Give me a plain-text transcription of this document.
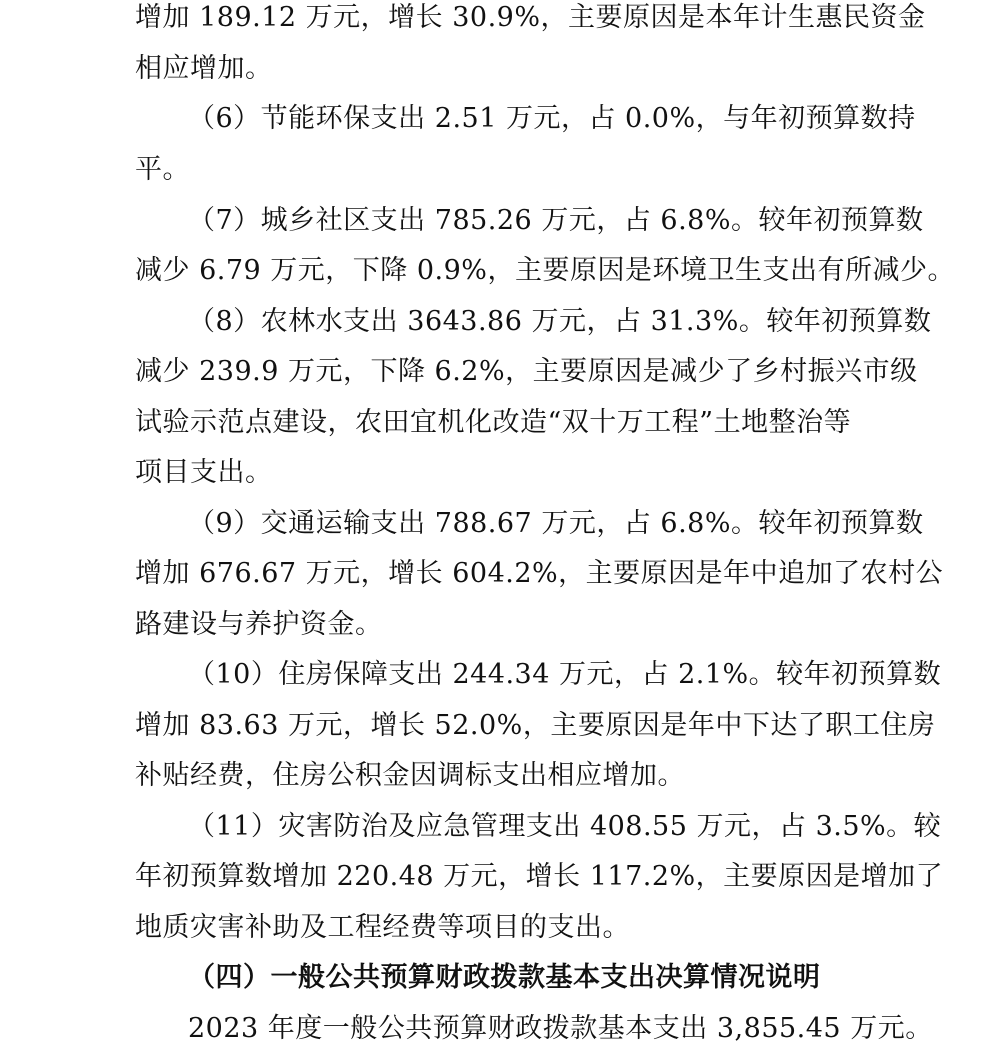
增加 189.12 万元，增长 30.9%，主要原因是本年计生惠民资金
相应增加。
（6）节能环保支出 2.51 万元，占 0.0%，与年初预算数持
平。
（7）城乡社区支出 785.26 万元，占 6.8%。较年初预算数
减少 6.79 万元，下降 0.9%，主要原因是环境卫生支出有所减少。
（8）农林水支出 3643.86 万元，占 31.3%。较年初预算数
减少 239.9 万元，下降 6.2%，主要原因是减少了乡村振兴市级
试验示范点建设，农田宜机化改造“双十万工程”土地整治等
项目支出。
（9）交通运输支出 788.67 万元，占 6.8%。较年初预算数
增加 676.67 万元，增长 604.2%，主要原因是年中追加了农村公
路建设与养护资金。
（10）住房保障支出 244.34 万元，占 2.1%。较年初预算数
增加 83.63 万元，增长 52.0%，主要原因是年中下达了职工住房
补贴经费，住房公积金因调标支出相应增加。
（11）灾害防治及应急管理支出 408.55 万元，占 3.5%。较
年初预算数增加 220.48 万元，增长 117.2%，主要原因是增加了
地质灾害补助及工程经费等项目的支出。
（四）一般公共预算财政拨款基本支出决算情况说明
2023 年度一般公共预算财政拨款基本支出 3,855.45 万元。
